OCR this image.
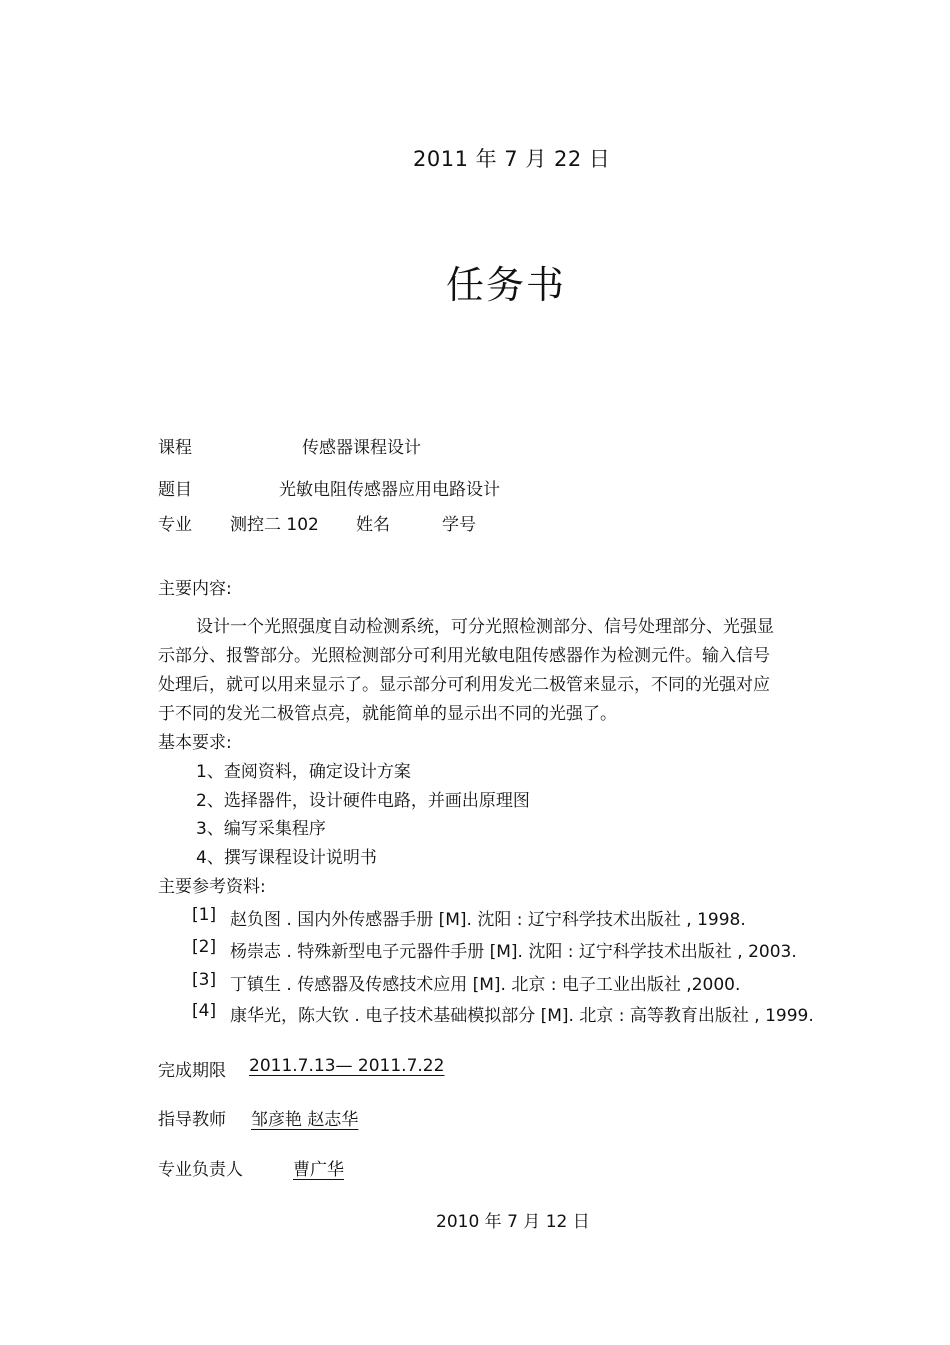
2011 年 7 月 22 日
任务书
课程	传感器课程设计
题目	光敏电阻传感器应用电路设计
专业 测控二 102 姓名	学号
主要内容:
设计一个光照强度自动检测系统，可分光照检测部分、信号处理部分、光强显
示部分、报警部分。光照检测部分可利用光敏电阻传感器作为检测元件。输入信号
处理后，就可以用来显示了。显示部分可利用发光二极管来显示，不同的光强对应
于不同的发光二极管点亮，就能简单的显示出不同的光强了。
基本要求:
1、查阅资料，确定设计方案
2、选择器件，设计硬件电路，并画出原理图
3、编写采集程序
4、撰写课程设计说明书
主要参考资料:
[1] 赵负图 . 国内外传感器手册 [M]. 沈阳 : 辽宁科学技术出版社 , 1998.
[2] 杨崇志 . 特殊新型电子元器件手册 [M]. 沈阳 : 辽宁科学技术出版社 , 2003.
[3] 丁镇生 . 传感器及传感技术应用 [M]. 北京 : 电子工业出版社 ,2000.
[4] 康华光，陈大钦 . 电子技术基础模拟部分 [M]. 北京 : 高等教育出版社 , 1999.
完成期限	2011.7.13— 2011.7.22
指导教师	邹彦艳 赵志华
专业负责人	曹广华
2010 年 7 月 12 日
